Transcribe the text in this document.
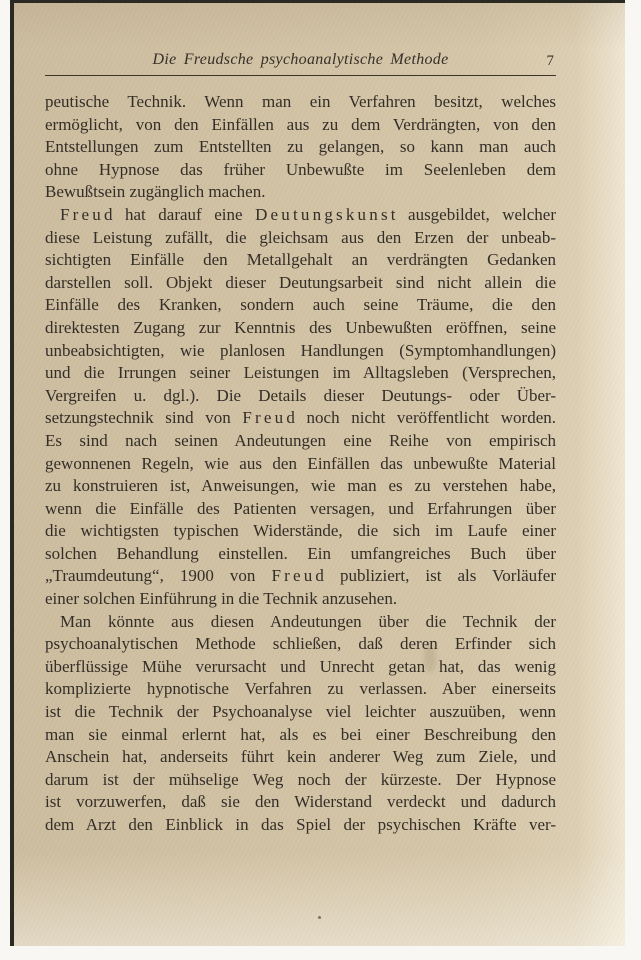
Die Freudsche psychoanalytische Methode	7
peutische Technik. Wenn man ein Verfahren besitzt, welches
ermöglicht, von den Einfällen aus zu dem Verdrängten, von den
Entstellungen zum Entstellten zu gelangen, so kann man auch
ohne Hypnose das früher Unbewußte im Seelenleben dem
Bewußtsein zugänglich machen.
Freud hat darauf eine Deutungskunst ausgebildet, welcher
diese Leistung zufällt, die gleichsam aus den Erzen der unbeab-
sichtigten Einfälle den Metallgehalt an verdrängten Gedanken
darstellen soll. Objekt dieser Deutungsarbeit sind nicht allein die
Einfälle des Kranken, sondern auch seine Träume, die den
direktesten Zugang zur Kenntnis des Unbewußten eröffnen, seine
unbeabsichtigten, wie planlosen Handlungen (Symptomhandlungen)
und die Irrungen seiner Leistungen im Alltagsleben (Versprechen,
Vergreifen u. dgl.). Die Details dieser Deutungs- oder Über-
setzungstechnik sind von Freud noch nicht veröffentlicht worden.
Es sind nach seinen Andeutungen eine Reihe von empirisch
gewonnenen Regeln, wie aus den Einfällen das unbewußte Material
zu konstruieren ist, Anweisungen, wie man es zu verstehen habe,
wenn die Einfälle des Patienten versagen, und Erfahrungen über
die wichtigsten typischen Widerstände, die sich im Laufe einer
solchen Behandlung einstellen. Ein umfangreiches Buch über
„Traumdeutung“, 1900 von Freud publiziert, ist als Vorläufer
einer solchen Einführung in die Technik anzusehen.
Man könnte aus diesen Andeutungen über die Technik der
psychoanalytischen Methode schließen, daß deren Erfinder sich
überflüssige Mühe verursacht und Unrecht getan hat, das wenig
komplizierte hypnotische Verfahren zu verlassen. Aber einerseits
ist die Technik der Psychoanalyse viel leichter auszuüben, wenn
man sie einmal erlernt hat, als es bei einer Beschreibung den
Anschein hat, anderseits führt kein anderer Weg zum Ziele, und
darum ist der mühselige Weg noch der kürzeste. Der Hypnose
ist vorzuwerfen, daß sie den Widerstand verdeckt und dadurch
dem Arzt den Einblick in das Spiel der psychischen Kräfte ver-
